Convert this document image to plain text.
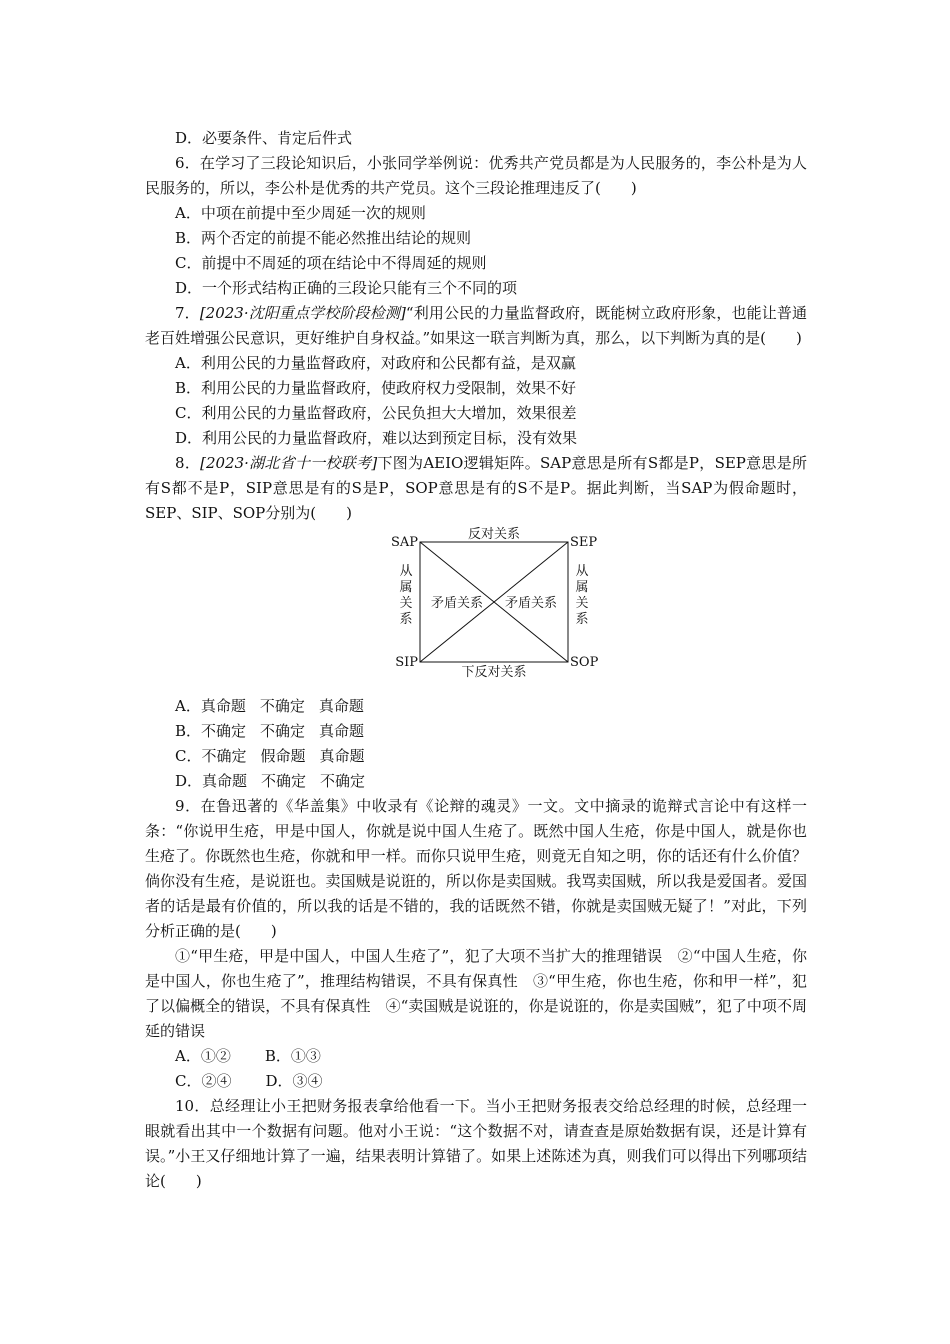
D．必要条件、肯定后件式

6．在学习了三段论知识后，小张同学举例说：优秀共产党员都是为人民服务的，李公朴是为人民服务的，所以，李公朴是优秀的共产党员。这个三段论推理违反了(　　)

A．中项在前提中至少周延一次的规则

B．两个否定的前提不能必然推出结论的规则

C．前提中不周延的项在结论中不得周延的规则

D．一个形式结构正确的三段论只能有三个不同的项

7．[2023·沈阳重点学校阶段检测]“利用公民的力量监督政府，既能树立政府形象，也能让普通老百姓增强公民意识，更好维护自身权益。”如果这一联言判断为真，那么，以下判断为真的是(　　)

A．利用公民的力量监督政府，对政府和公民都有益，是双赢

B．利用公民的力量监督政府，使政府权力受限制，效果不好

C．利用公民的力量监督政府，公民负担大大增加，效果很差

D．利用公民的力量监督政府，难以达到预定目标，没有效果

8．[2023·湖北省十一校联考]下图为AEIO逻辑矩阵。SAP意思是所有S都是P，SEP意思是所有S都不是P，SIP意思是有的S是P，SOP意思是有的S不是P。据此判断，当SAP为假命题时，SEP、SIP、SOP分别为(　　)

SAP	SEP
SIP	SOP
反对关系
下反对关系
从
属
关
系
从
属
关
系
矛盾关系 矛盾关系

A．真命题 不确定 真命题

B．不确定 不确定 真命题

C．不确定 假命题 真命题

D．真命题 不确定 不确定

9．在鲁迅著的《华盖集》中收录有《论辩的魂灵》一文。文中摘录的诡辩式言论中有这样一条：“你说甲生疮，甲是中国人，你就是说中国人生疮了。既然中国人生疮，你是中国人，就是你也生疮了。你既然也生疮，你就和甲一样。而你只说甲生疮，则竟无自知之明，你的话还有什么价值？倘你没有生疮，是说诳也。卖国贼是说诳的，所以你是卖国贼。我骂卖国贼，所以我是爱国者。爱国者的话是最有价值的，所以我的话是不错的，我的话既然不错，你就是卖国贼无疑了！”对此，下列分析正确的是(　　)

①“甲生疮，甲是中国人，中国人生疮了”，犯了大项不当扩大的推理错误　②“中国人生疮，你是中国人，你也生疮了”，推理结构错误，不具有保真性　③“甲生疮，你也生疮，你和甲一样”，犯了以偏概全的错误，不具有保真性　④“卖国贼是说诳的，你是说诳的，你是卖国贼”，犯了中项不周延的错误

A．①② B．①③

C．②④ D．③④

10．总经理让小王把财务报表拿给他看一下。当小王把财务报表交给总经理的时候，总经理一眼就看出其中一个数据有问题。他对小王说：“这个数据不对，请查查是原始数据有误，还是计算有误。”小王又仔细地计算了一遍，结果表明计算错了。如果上述陈述为真，则我们可以得出下列哪项结论(　　)
